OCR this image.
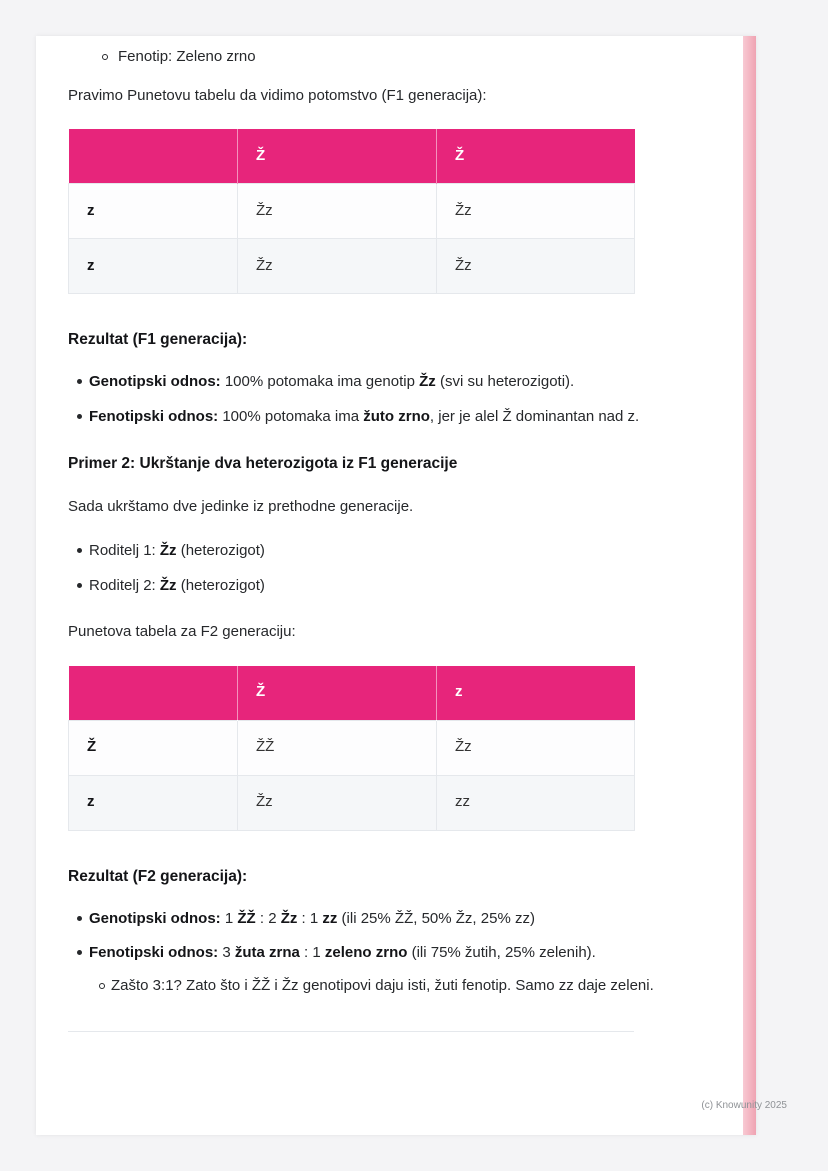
Fenotip: Zeleno zrno

Pravimo Punetovu tabelu da vidimo potomstvo (F1 generacija):

	Ž	Ž
z	Žz	Žz
z	Žz	Žz
Rezultat (F1 generacija):
Genotipski odnos: 100% potomaka ima genotip Žz (svi su heterozigoti).
Fenotipski odnos: 100% potomaka ima žuto zrno, jer je alel Ž dominantan nad z.
Primer 2: Ukrštanje dva heterozigota iz F1 generacije

Sada ukrštamo dve jedinke iz prethodne generacije.

Roditelj 1: Žz (heterozigot)
Roditelj 2: Žz (heterozigot)

Punetova tabela za F2 generaciju:

	Ž	z
Ž	ŽŽ	Žz
z	Žz	zz
Rezultat (F2 generacija):
Genotipski odnos: 1 ŽŽ : 2 Žz : 1 zz (ili 25% ŽŽ, 50% Žz, 25% zz)
Fenotipski odnos: 3 žuta zrna : 1 zeleno zrno (ili 75% žutih, 25% zelenih).
Zašto 3:1? Zato što i ŽŽ i Žz genotipovi daju isti, žuti fenotip. Samo zz daje zeleni.
(c) Knowunity 2025
